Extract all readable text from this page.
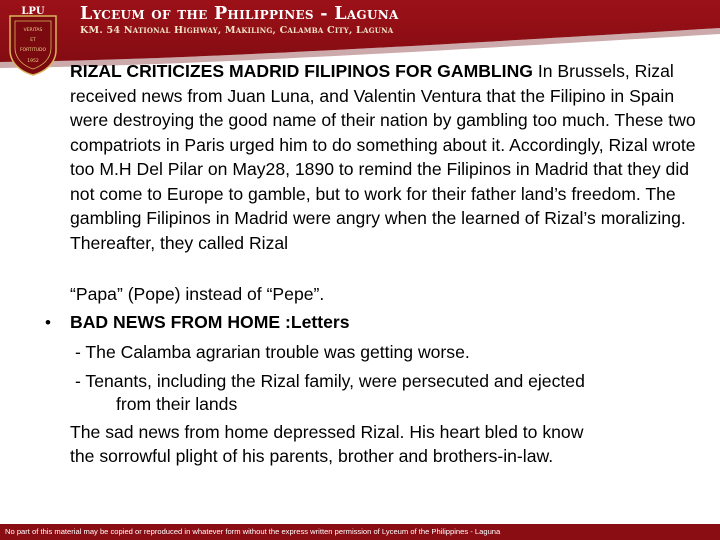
LPU
VERITAS
ET
FORTITUDO
1952
Lyceum of the Philippines - Laguna
KM. 54 National Highway, Makiling, Calamba City, Laguna
RIZAL CRITICIZES MADRID FILIPINOS FOR GAMBLING In Brussels, Rizal received news from Juan Luna, and Valentin Ventura that the Filipino in Spain were destroying the good name of their nation by gambling too much. These two compatriots in Paris urged him to do something about it. Accordingly, Rizal wrote too M.H Del Pilar on May28, 1890 to remind the Filipinos in Madrid that they did not come to Europe to gamble, but to work for their father land’s freedom. The gambling Filipinos in Madrid were angry when the learned of Rizal’s moralizing. Thereafter, they called Rizal
“Papa” (Pope) instead of “Pepe”.
• BAD NEWS FROM HOME :Letters
- The Calamba agrarian trouble was getting worse.
- Tenants, including the Rizal family, were persecuted and ejected
from their lands
The sad news from home depressed Rizal. His heart bled to know
the sorrowful plight of his parents, brother and brothers-in-law.
No part of this material may be copied or reproduced in whatever form without the express written permission of Lyceum of the Philippines - Laguna
